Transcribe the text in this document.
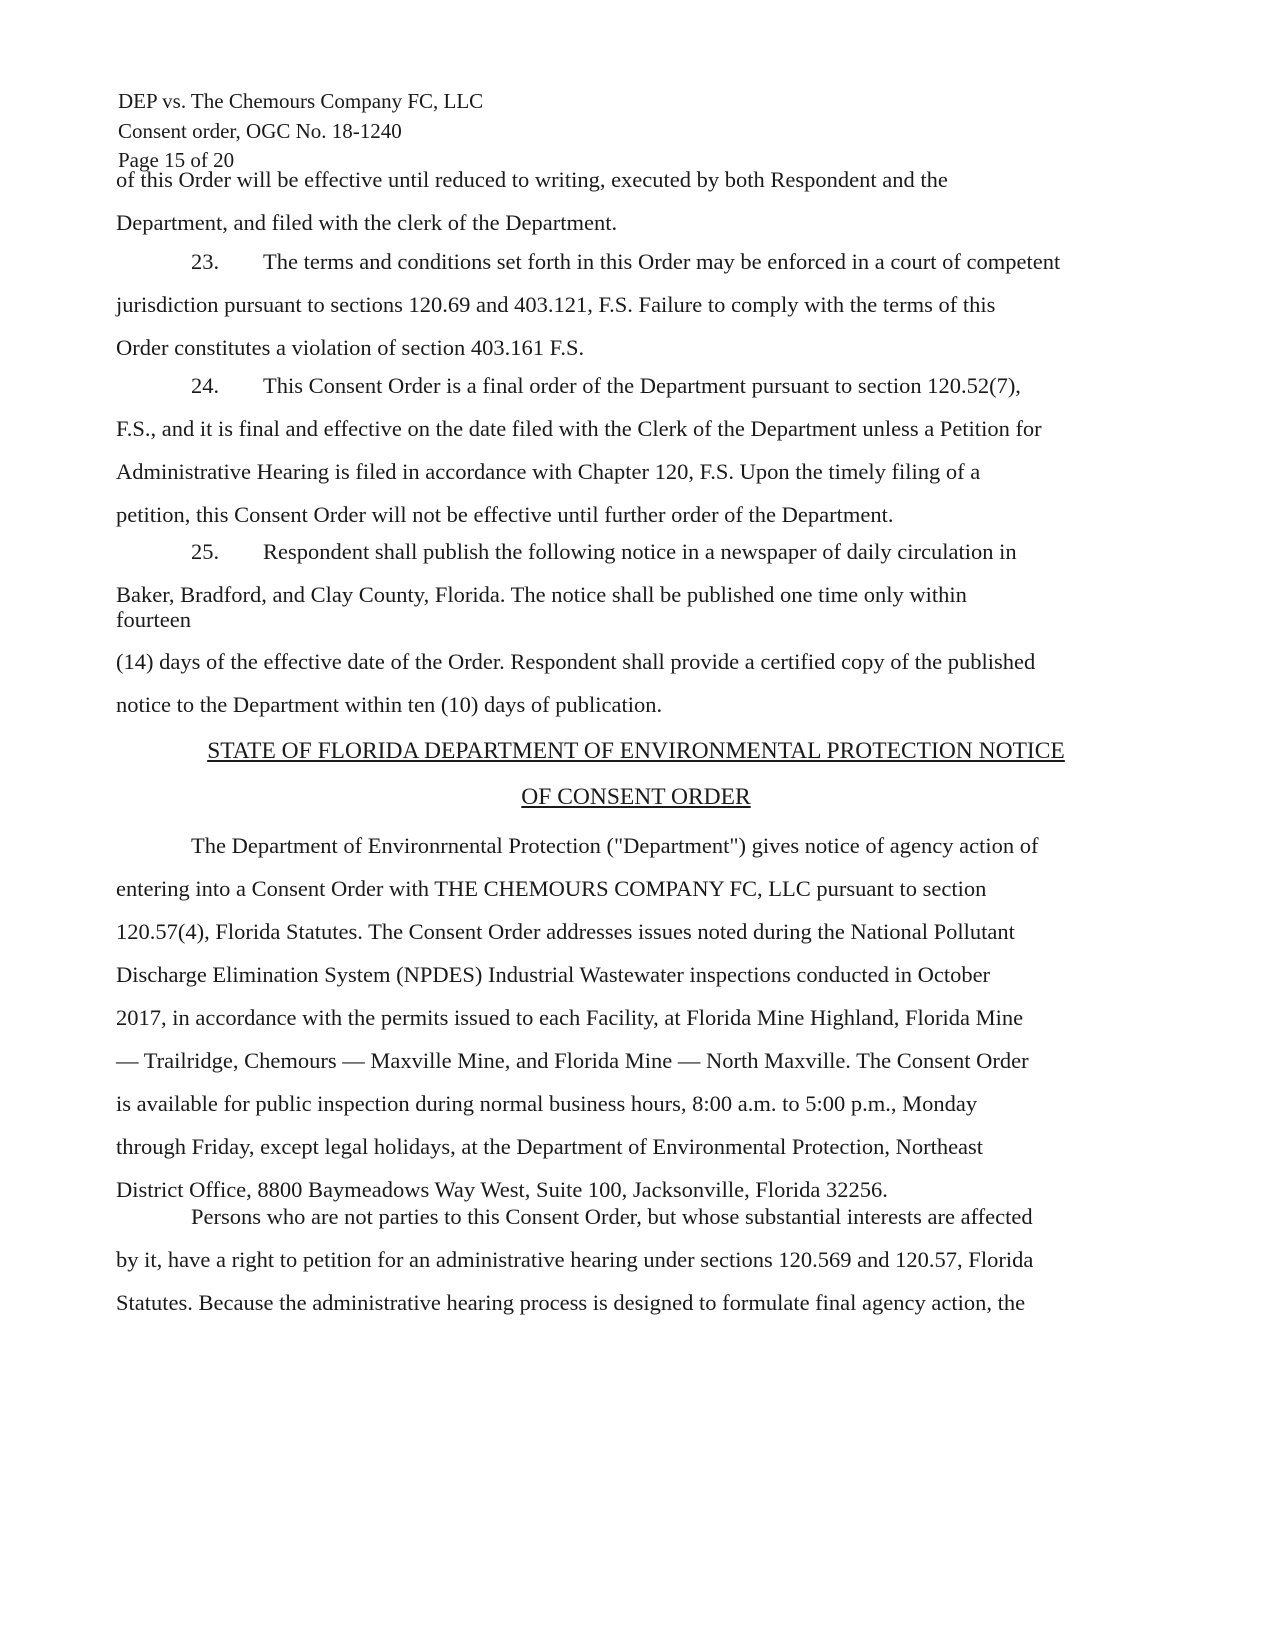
DEP vs. The Chemours Company FC, LLC
Consent order, OGC No. 18-1240
Page 15 of 20
of this Order will be effective until reduced to writing, executed by both Respondent and the
Department, and filed with the clerk of the Department.
23.	The terms and conditions set forth in this Order may be enforced in a court of competent
jurisdiction pursuant to sections 120.69 and 403.121, F.S. Failure to comply with the terms of this
Order constitutes a violation of section 403.161 F.S.
24.	This Consent Order is a final order of the Department pursuant to section 120.52(7),
F.S., and it is final and effective on the date filed with the Clerk of the Department unless a Petition for
Administrative Hearing is filed in accordance with Chapter 120, F.S. Upon the timely filing of a
petition, this Consent Order will not be effective until further order of the Department.
25.	Respondent shall publish the following notice in a newspaper of daily circulation in
Baker, Bradford, and Clay County, Florida. The notice shall be published one time only within
fourteen
(14) days of the effective date of the Order. Respondent shall provide a certified copy of the published
notice to the Department within ten (10) days of publication.
STATE OF FLORIDA DEPARTMENT OF ENVIRONMENTAL PROTECTION NOTICE
OF CONSENT ORDER
The Department of Environrnental Protection ("Department") gives notice of agency action of
entering into a Consent Order with THE CHEMOURS COMPANY FC, LLC pursuant to section
120.57(4), Florida Statutes. The Consent Order addresses issues noted during the National Pollutant
Discharge Elimination System (NPDES) Industrial Wastewater inspections conducted in October
2017, in accordance with the permits issued to each Facility, at Florida Mine Highland, Florida Mine
— Trailridge, Chemours — Maxville Mine, and Florida Mine — North Maxville. The Consent Order
is available for public inspection during normal business hours, 8:00 a.m. to 5:00 p.m., Monday
through Friday, except legal holidays, at the Department of Environmental Protection, Northeast
District Office, 8800 Baymeadows Way West, Suite 100, Jacksonville, Florida 32256.
Persons who are not parties to this Consent Order, but whose substantial interests are affected
by it, have a right to petition for an administrative hearing under sections 120.569 and 120.57, Florida
Statutes. Because the administrative hearing process is designed to formulate final agency action, the
